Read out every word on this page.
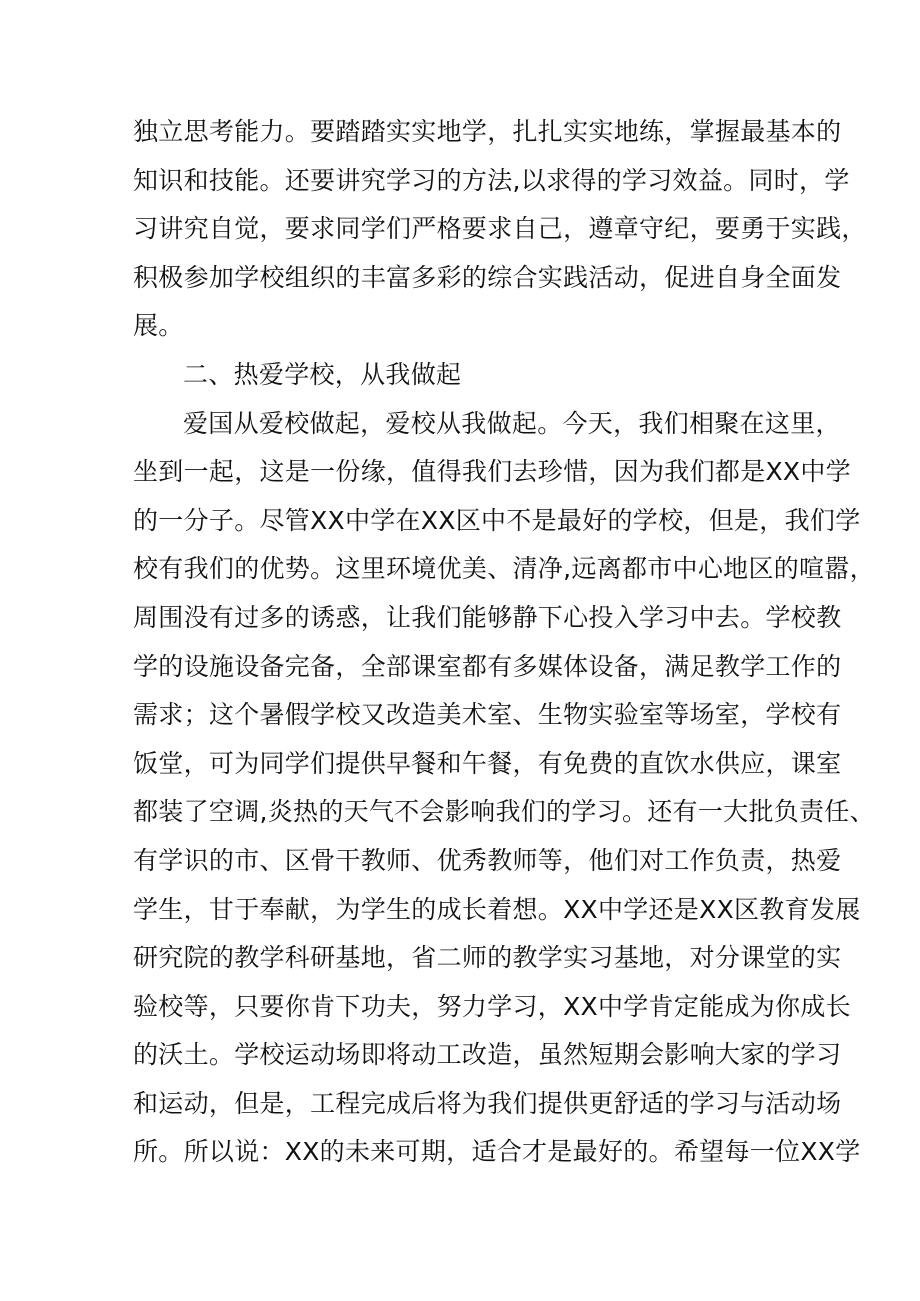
独立思考能力。要踏踏实实地学，扎扎实实地练，掌握最基本的
知识和技能。还要讲究学习的方法,以求得的学习效益。同时，学
习讲究自觉，要求同学们严格要求自己，遵章守纪，要勇于实践，
积极参加学校组织的丰富多彩的综合实践活动，促进自身全面发
展。
二、热爱学校，从我做起
爱国从爱校做起，爱校从我做起。今天，我们相聚在这里，
坐到一起，这是一份缘，值得我们去珍惜，因为我们都是XX中学
的一分子。尽管XX中学在XX区中不是最好的学校，但是，我们学
校有我们的优势。这里环境优美、清净,远离都市中心地区的喧嚣，
周围没有过多的诱惑，让我们能够静下心投入学习中去。学校教
学的设施设备完备，全部课室都有多媒体设备，满足教学工作的
需求；这个暑假学校又改造美术室、生物实验室等场室，学校有
饭堂，可为同学们提供早餐和午餐，有免费的直饮水供应，课室
都装了空调,炎热的天气不会影响我们的学习。还有一大批负责任、
有学识的市、区骨干教师、优秀教师等，他们对工作负责，热爱
学生，甘于奉献，为学生的成长着想。XX中学还是XX区教育发展
研究院的教学科研基地，省二师的教学实习基地，对分课堂的实
验校等，只要你肯下功夫，努力学习，XX中学肯定能成为你成长
的沃土。学校运动场即将动工改造，虽然短期会影响大家的学习
和运动，但是，工程完成后将为我们提供更舒适的学习与活动场
所。所以说：XX的未来可期，适合才是最好的。希望每一位XX学
